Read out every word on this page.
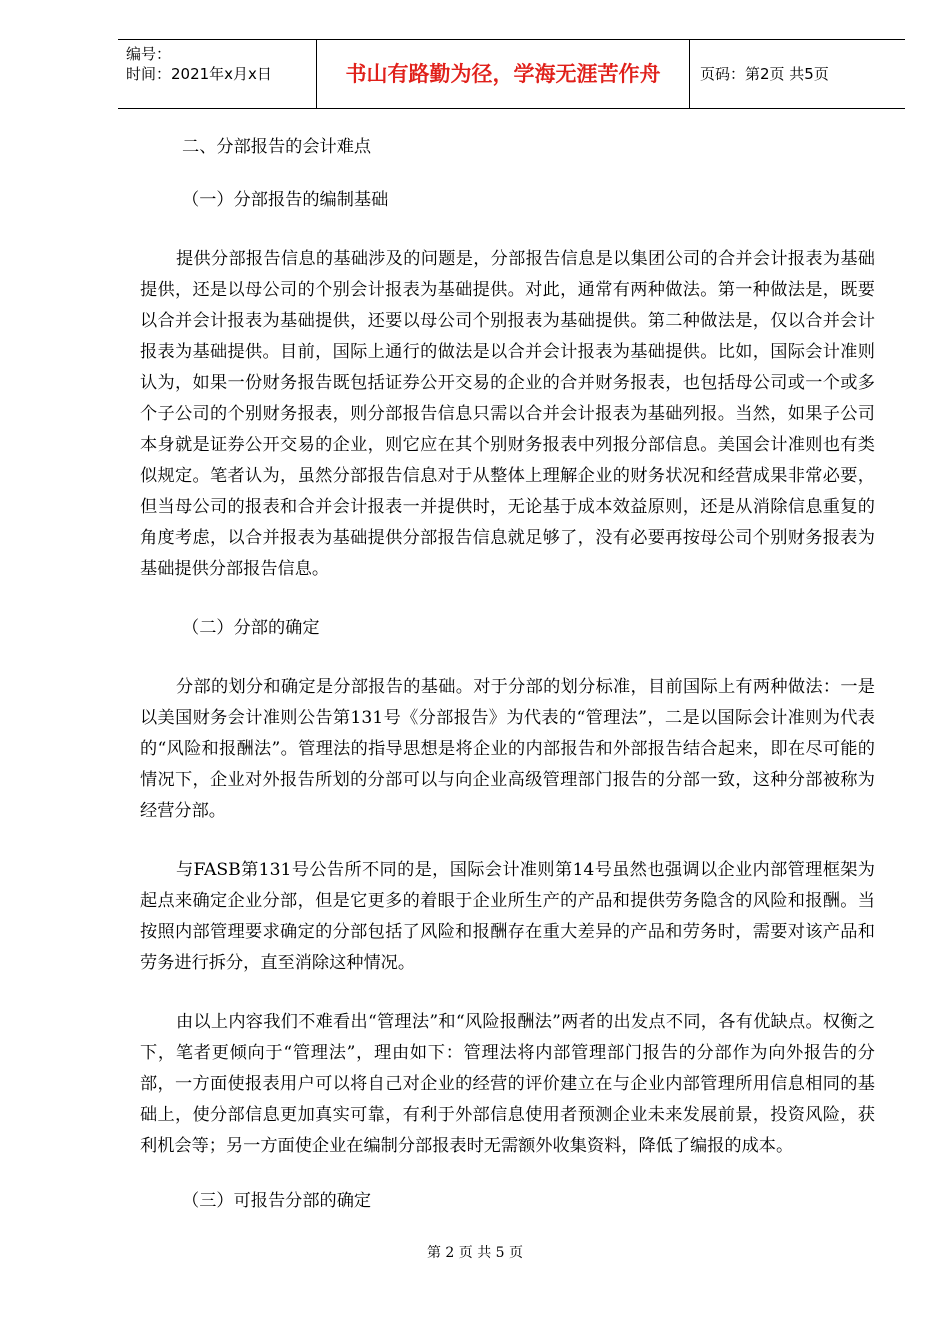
编号：
时间：2021年x月x日	书山有路勤为径，学海无涯苦作舟	页码：第2页 共5页

二、分部报告的会计难点

（一）分部报告的编制基础

提供分部报告信息的基础涉及的问题是，分部报告信息是以集团公司的合并会计报表为基础提供，还是以母公司的个别会计报表为基础提供。对此，通常有两种做法。第一种做法是，既要以合并会计报表为基础提供，还要以母公司个别报表为基础提供。第二种做法是，仅以合并会计报表为基础提供。目前，国际上通行的做法是以合并会计报表为基础提供。比如，国际会计准则认为，如果一份财务报告既包括证券公开交易的企业的合并财务报表，也包括母公司或一个或多个子公司的个别财务报表，则分部报告信息只需以合并会计报表为基础列报。当然，如果子公司本身就是证券公开交易的企业，则它应在其个别财务报表中列报分部信息。美国会计准则也有类似规定。笔者认为，虽然分部报告信息对于从整体上理解企业的财务状况和经营成果非常必要，但当母公司的报表和合并会计报表一并提供时，无论基于成本效益原则，还是从消除信息重复的角度考虑，以合并报表为基础提供分部报告信息就足够了，没有必要再按母公司个别财务报表为基础提供分部报告信息。

（二）分部的确定

分部的划分和确定是分部报告的基础。对于分部的划分标准，目前国际上有两种做法：一是以美国财务会计准则公告第131号《分部报告》为代表的“管理法”，二是以国际会计准则为代表的“风险和报酬法”。管理法的指导思想是将企业的内部报告和外部报告结合起来，即在尽可能的情况下，企业对外报告所划的分部可以与向企业高级管理部门报告的分部一致，这种分部被称为经营分部。

与FASB第131号公告所不同的是，国际会计准则第14号虽然也强调以企业内部管理框架为起点来确定企业分部，但是它更多的着眼于企业所生产的产品和提供劳务隐含的风险和报酬。当按照内部管理要求确定的分部包括了风险和报酬存在重大差异的产品和劳务时，需要对该产品和劳务进行拆分，直至消除这种情况。

由以上内容我们不难看出“管理法”和“风险报酬法”两者的出发点不同，各有优缺点。权衡之下，笔者更倾向于“管理法”，理由如下：管理法将内部管理部门报告的分部作为向外报告的分部，一方面使报表用户可以将自己对企业的经营的评价建立在与企业内部管理所用信息相同的基础上，使分部信息更加真实可靠，有利于外部信息使用者预测企业未来发展前景，投资风险，获利机会等；另一方面使企业在编制分部报表时无需额外收集资料，降低了编报的成本。

（三）可报告分部的确定

第 2 页 共 5 页
